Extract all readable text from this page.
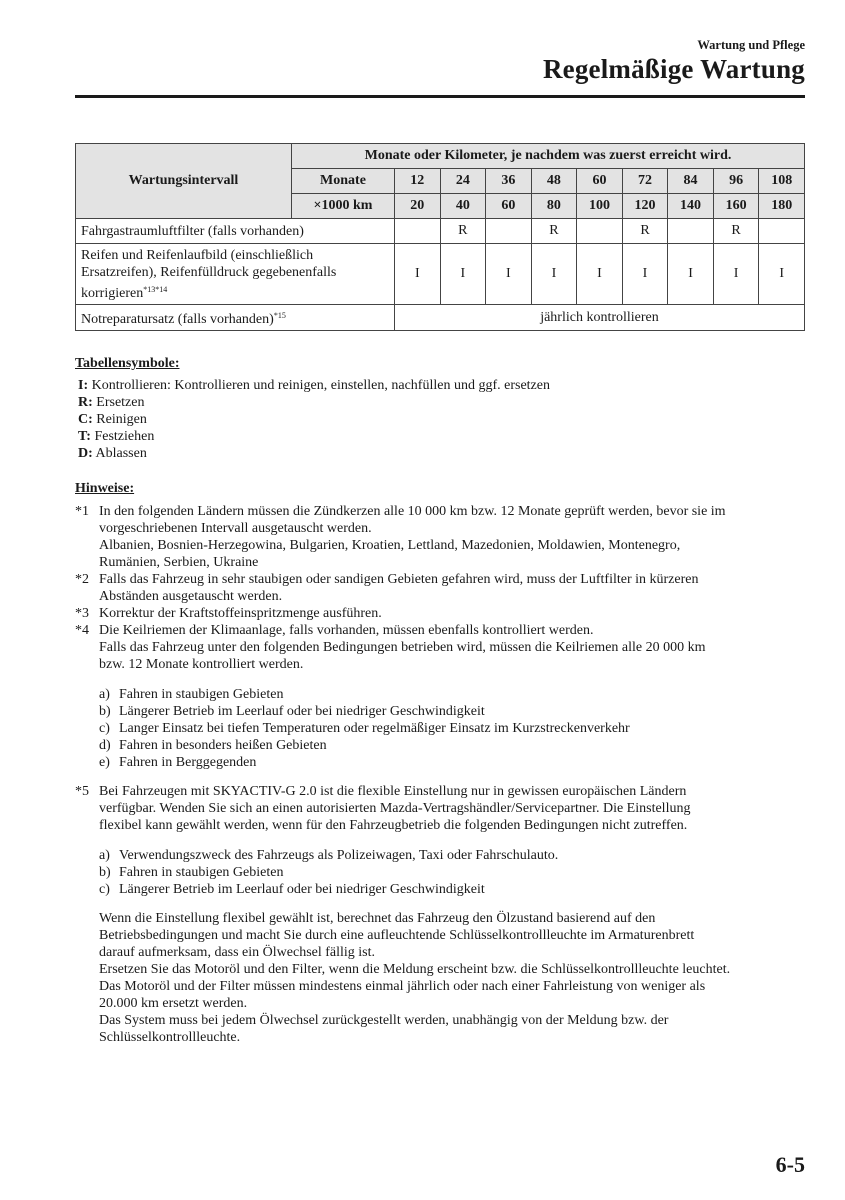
Wartung und Pflege
Regelmäßige Wartung
Wartungsintervall	Monate oder Kilometer, je nachdem was zuerst erreicht wird.									
	Monate	12	24	36	48	60	72	84	96	108
	×1000 km	20	40	60	80	100	120	140	160	180
Fahrgastraumluftfilter (falls vorhanden)			R		R		R		R	
Reifen und Reifenlaufbild (einschließlich
Ersatzreifen), Reifenfülldruck gegebenenfalls
korrigieren$^{*13*14}$		I	I	I	I	I	I	I	I	I
Notreparatursatz (falls vorhanden)$^{*15}$		jährlich kontrollieren								
Tabellensymbole:
I: Kontrollieren: Kontrollieren und reinigen, einstellen, nachfüllen und ggf. ersetzen
R: Ersetzen
C: Reinigen
T: Festziehen
D: Ablassen
Hinweise:
*1 In den folgenden Ländern müssen die Zündkerzen alle 10 000 km bzw. 12 Monate geprüft werden, bevor sie im
vorgeschriebenen Intervall ausgetauscht werden.
Albanien, Bosnien-Herzegowina, Bulgarien, Kroatien, Lettland, Mazedonien, Moldawien, Montenegro,
Rumänien, Serbien, Ukraine
*2 Falls das Fahrzeug in sehr staubigen oder sandigen Gebieten gefahren wird, muss der Luftfilter in kürzeren
Abständen ausgetauscht werden.
*3 Korrektur der Kraftstoffeinspritzmenge ausführen.
*4 Die Keilriemen der Klimaanlage, falls vorhanden, müssen ebenfalls kontrolliert werden.
Falls das Fahrzeug unter den folgenden Bedingungen betrieben wird, müssen die Keilriemen alle 20 000 km
bzw. 12 Monate kontrolliert werden.
a) Fahren in staubigen Gebieten
b) Längerer Betrieb im Leerlauf oder bei niedriger Geschwindigkeit
c) Langer Einsatz bei tiefen Temperaturen oder regelmäßiger Einsatz im Kurzstreckenverkehr
d) Fahren in besonders heißen Gebieten
e) Fahren in Berggegenden
*5 Bei Fahrzeugen mit SKYACTIV-G 2.0 ist die flexible Einstellung nur in gewissen europäischen Ländern
verfügbar. Wenden Sie sich an einen autorisierten Mazda-Vertragshändler/Servicepartner. Die Einstellung
flexibel kann gewählt werden, wenn für den Fahrzeugbetrieb die folgenden Bedingungen nicht zutreffen.
a) Verwendungszweck des Fahrzeugs als Polizeiwagen, Taxi oder Fahrschulauto.
b) Fahren in staubigen Gebieten
c) Längerer Betrieb im Leerlauf oder bei niedriger Geschwindigkeit
Wenn die Einstellung flexibel gewählt ist, berechnet das Fahrzeug den Ölzustand basierend auf den
Betriebsbedingungen und macht Sie durch eine aufleuchtende Schlüsselkontrollleuchte im Armaturenbrett
darauf aufmerksam, dass ein Ölwechsel fällig ist.
Ersetzen Sie das Motoröl und den Filter, wenn die Meldung erscheint bzw. die Schlüsselkontrollleuchte leuchtet.
Das Motoröl und der Filter müssen mindestens einmal jährlich oder nach einer Fahrleistung von weniger als
20.000 km ersetzt werden.
Das System muss bei jedem Ölwechsel zurückgestellt werden, unabhängig von der Meldung bzw. der
Schlüsselkontrollleuchte.
6-5
